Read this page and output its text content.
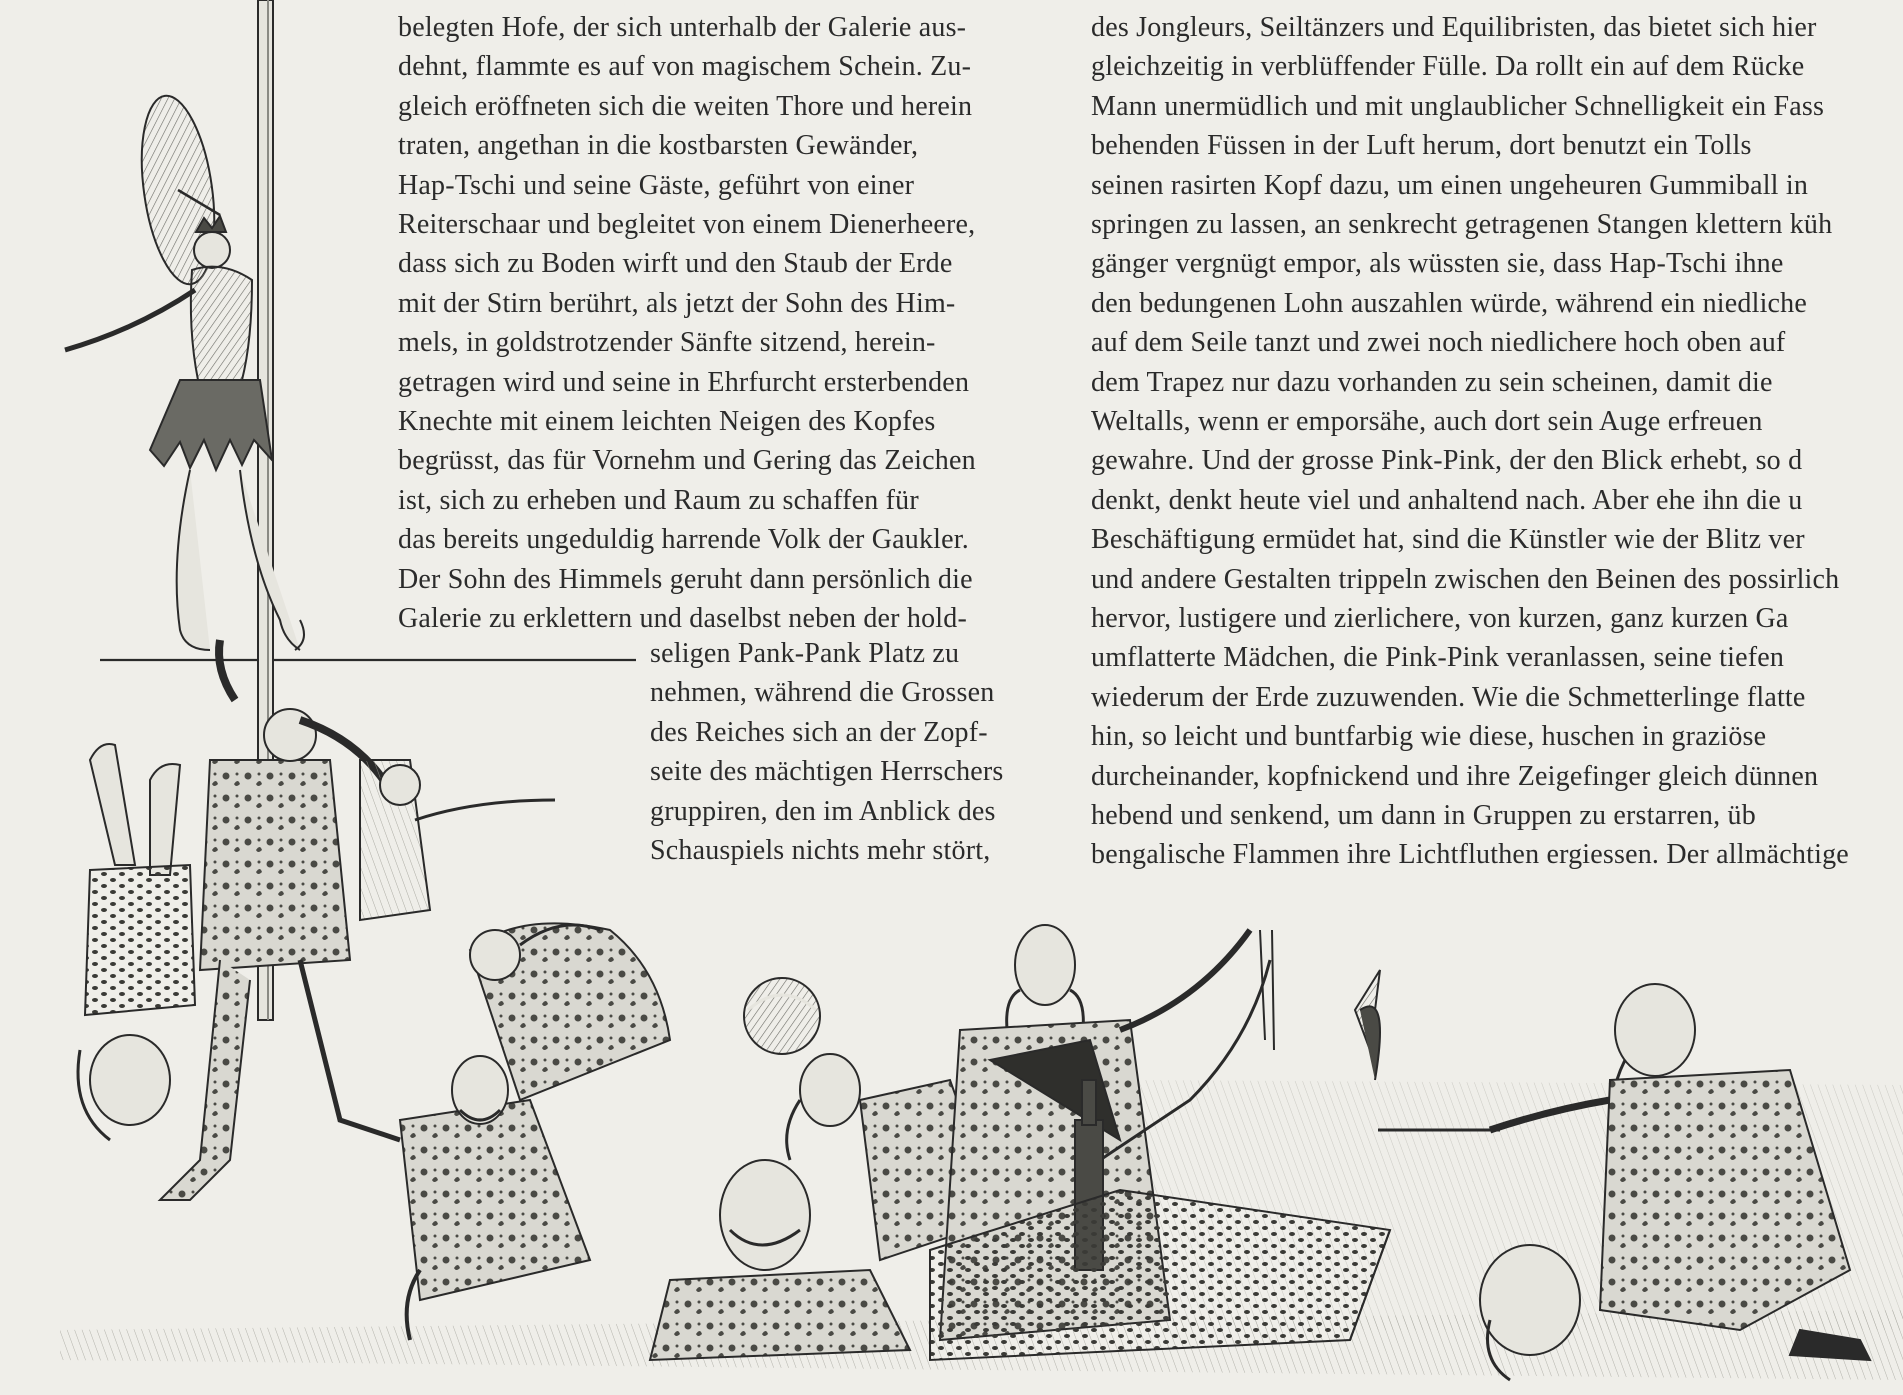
belegten Hofe, der sich unterhalb der Galerie aus-
dehnt, flammte es auf von magischem Schein. Zu-
gleich eröffneten sich die weiten Thore und herein
traten, angethan in die kostbarsten Gewänder,
Hap-Tschi und seine Gäste, geführt von einer
Reiterschaar und begleitet von einem Dienerheere,
dass sich zu Boden wirft und den Staub der Erde
mit der Stirn berührt, als jetzt der Sohn des Him-
mels, in goldstrotzender Sänfte sitzend, herein-
getragen wird und seine in Ehrfurcht ersterbenden
Knechte mit einem leichten Neigen des Kopfes
begrüsst, das für Vornehm und Gering das Zeichen
ist, sich zu erheben und Raum zu schaffen für
das bereits ungeduldig harrende Volk der Gaukler.
Der Sohn des Himmels geruht dann persönlich die
Galerie zu erklettern und daselbst neben der hold-
seligen Pank-Pank Platz zu
nehmen, während die Grossen
des Reiches sich an der Zopf-
seite des mächtigen Herrschers
gruppiren, den im Anblick des
Schauspiels nichts mehr stört,
des Jongleurs, Seiltänzers und Equilibristen, das bietet sich hier
gleichzeitig in verblüffender Fülle. Da rollt ein auf dem Rücke
Mann unermüdlich und mit unglaublicher Schnelligkeit ein Fass
behenden Füssen in der Luft herum, dort benutzt ein Tolls
seinen rasirten Kopf dazu, um einen ungeheuren Gummiball in
springen zu lassen, an senkrecht getragenen Stangen klettern küh
gänger vergnügt empor, als wüssten sie, dass Hap-Tschi ihne
den bedungenen Lohn auszahlen würde, während ein niedliche
auf dem Seile tanzt und zwei noch niedlichere hoch oben auf
dem Trapez nur dazu vorhanden zu sein scheinen, damit die
Weltalls, wenn er emporsähe, auch dort sein Auge erfreuen
gewahre. Und der grosse Pink-Pink, der den Blick erhebt, so d
denkt, denkt heute viel und anhaltend nach. Aber ehe ihn die u
Beschäftigung ermüdet hat, sind die Künstler wie der Blitz ver
und andere Gestalten trippeln zwischen den Beinen des possirlich
hervor, lustigere und zierlichere, von kurzen, ganz kurzen Ga
umflatterte Mädchen, die Pink-Pink veranlassen, seine tiefen
wiederum der Erde zuzuwenden. Wie die Schmetterlinge flatte
hin, so leicht und buntfarbig wie diese, huschen in graziöse
durcheinander, kopfnickend und ihre Zeigefinger gleich dünnen
hebend und senkend, um dann in Gruppen zu erstarren, üb
bengalische Flammen ihre Lichtfluthen ergiessen. Der allmächtige
